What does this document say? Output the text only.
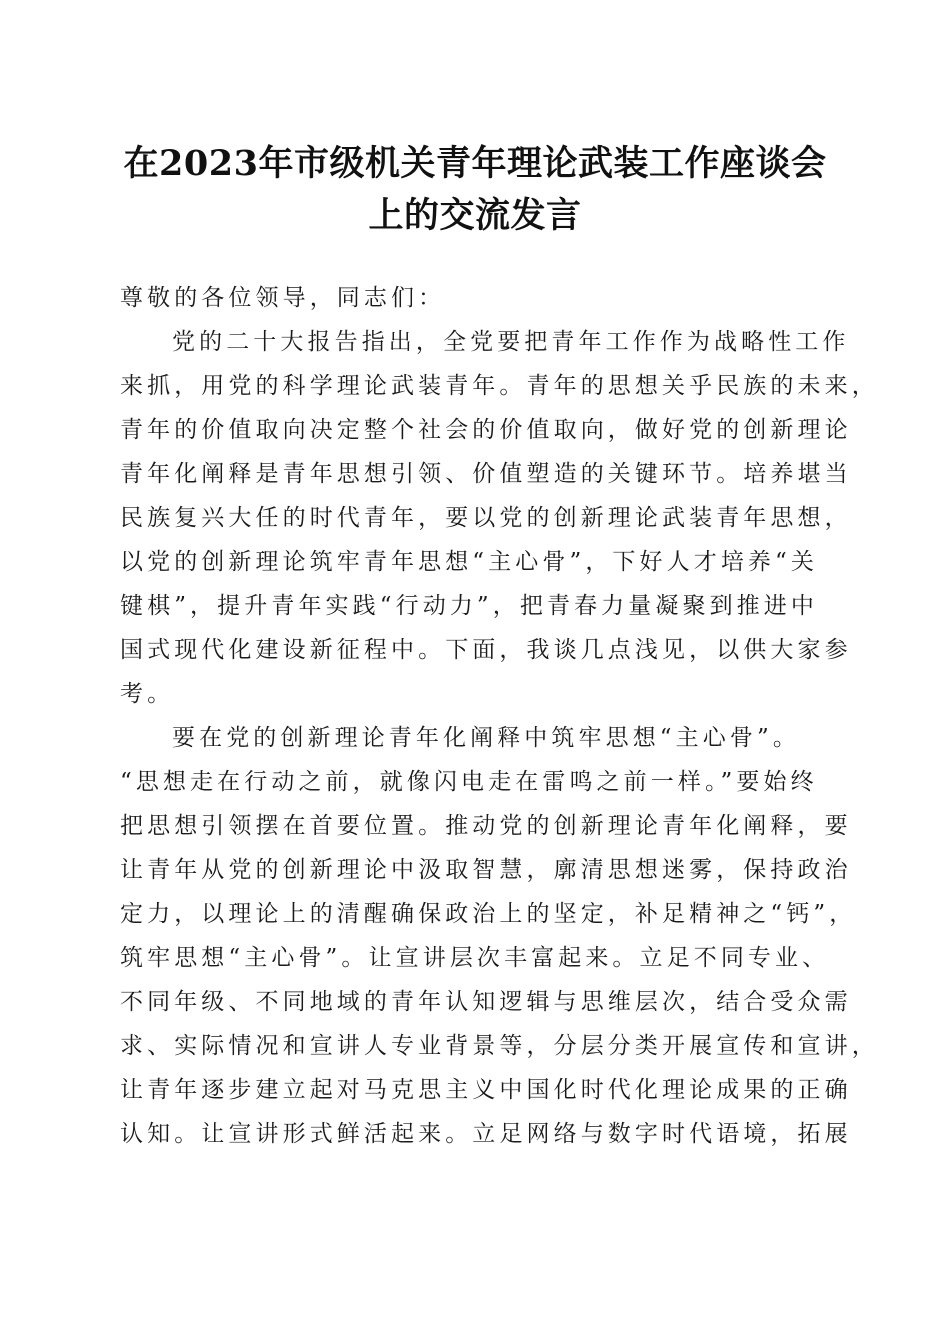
在2023年市级机关青年理论武装工作座谈会
上的交流发言
尊敬的各位领导，同志们：
党的二十大报告指出，全党要把青年工作作为战略性工作
来抓，用党的科学理论武装青年。青年的思想关乎民族的未来，
青年的价值取向决定整个社会的价值取向，做好党的创新理论
青年化阐释是青年思想引领、价值塑造的关键环节。培养堪当
民族复兴大任的时代青年，要以党的创新理论武装青年思想，
以党的创新理论筑牢青年思想“主心骨”，下好人才培养“关
键棋”，提升青年实践“行动力”，把青春力量凝聚到推进中
国式现代化建设新征程中。下面，我谈几点浅见，以供大家参
考。
要在党的创新理论青年化阐释中筑牢思想“主心骨”。
“思想走在行动之前，就像闪电走在雷鸣之前一样。”要始终
把思想引领摆在首要位置。推动党的创新理论青年化阐释，要
让青年从党的创新理论中汲取智慧，廓清思想迷雾，保持政治
定力，以理论上的清醒确保政治上的坚定，补足精神之“钙”，
筑牢思想“主心骨”。让宣讲层次丰富起来。立足不同专业、
不同年级、不同地域的青年认知逻辑与思维层次，结合受众需
求、实际情况和宣讲人专业背景等，分层分类开展宣传和宣讲，
让青年逐步建立起对马克思主义中国化时代化理论成果的正确
认知。让宣讲形式鲜活起来。立足网络与数字时代语境，拓展
